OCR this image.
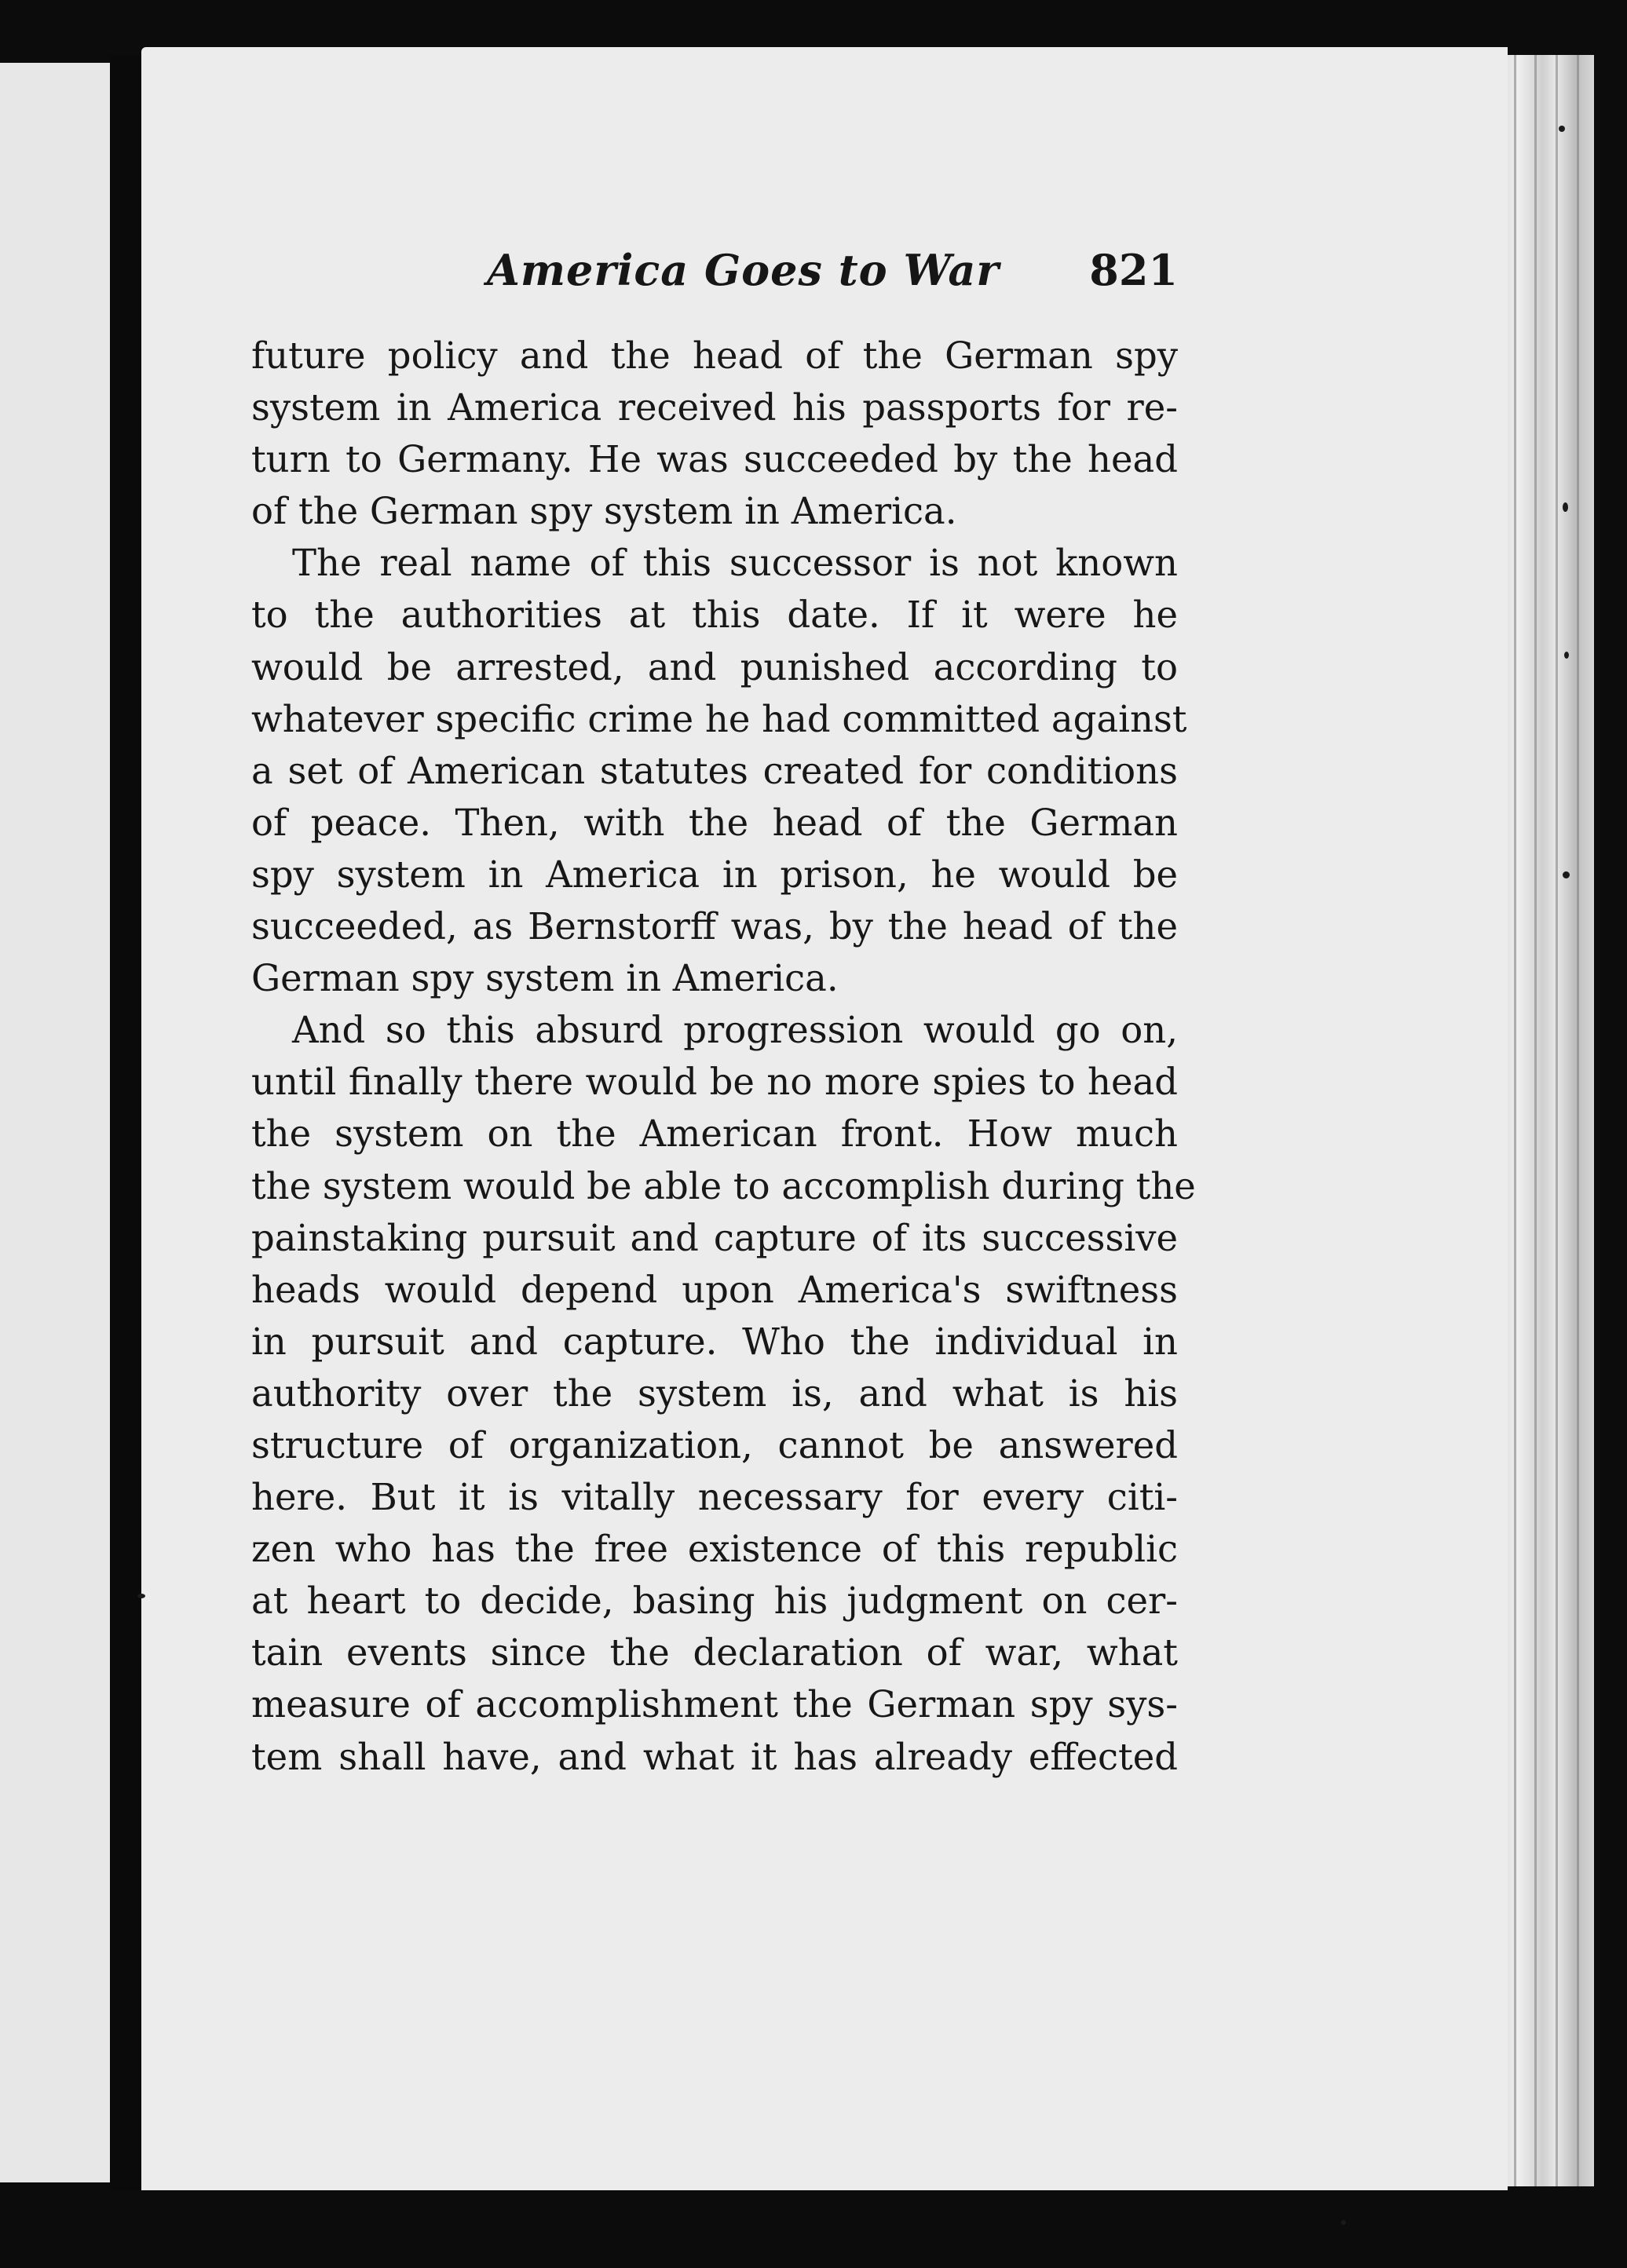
America Goes to War 821
future policy and the head of the German spy
system in America received his passports for re-
turn to Germany. He was succeeded by the head
of the German spy system in America.
The real name of this successor is not known
to the authorities at this date. If it were he
would be arrested, and punished according to
whatever specific crime he had committed against
a set of American statutes created for conditions
of peace. Then, with the head of the German
spy system in America in prison, he would be
succeeded, as Bernstorff was, by the head of the
German spy system in America.
And so this absurd progression would go on,
until finally there would be no more spies to head
the system on the American front. How much
the system would be able to accomplish during the
painstaking pursuit and capture of its successive
heads would depend upon America's swiftness
in pursuit and capture. Who the individual in
authority over the system is, and what is his
structure of organization, cannot be answered
here. But it is vitally necessary for every citi-
zen who has the free existence of this republic
at heart to decide, basing his judgment on cer-
tain events since the declaration of war, what
measure of accomplishment the German spy sys-
tem shall have, and what it has already effected
